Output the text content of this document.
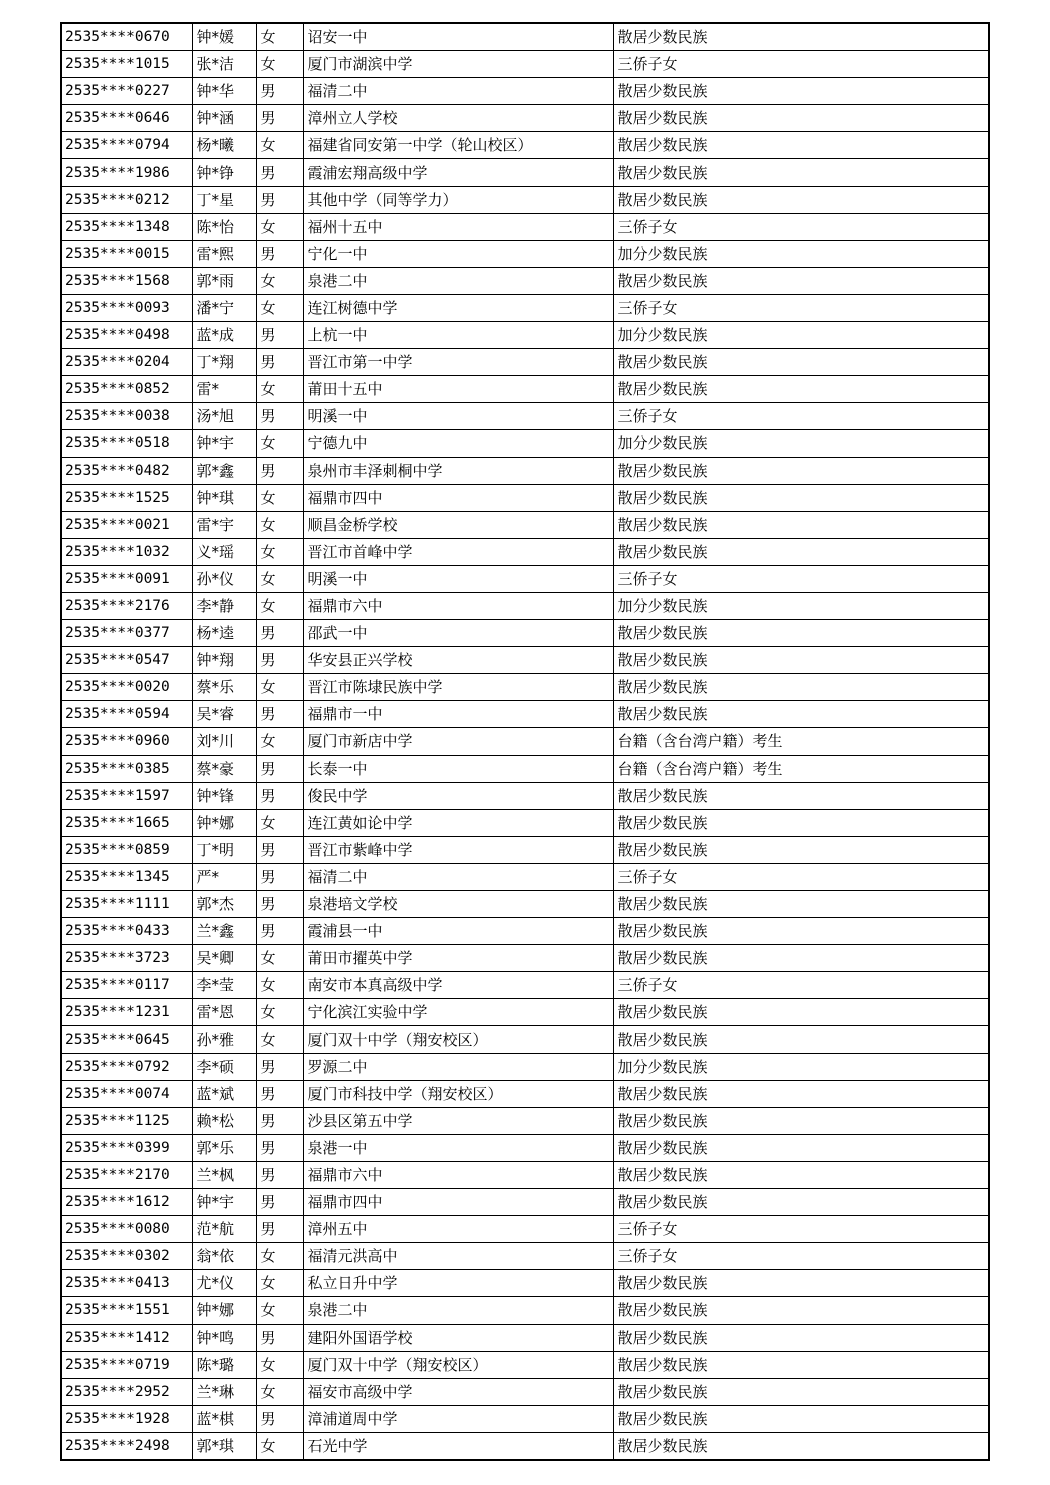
2535****0670	钟*媛	女	诏安一中	散居少数民族
2535****1015	张*洁	女	厦门市湖滨中学	三侨子女
2535****0227	钟*华	男	福清二中	散居少数民族
2535****0646	钟*涵	男	漳州立人学校	散居少数民族
2535****0794	杨*曦	女	福建省同安第一中学（轮山校区）	散居少数民族
2535****1986	钟*铮	男	霞浦宏翔高级中学	散居少数民族
2535****0212	丁*星	男	其他中学（同等学力）	散居少数民族
2535****1348	陈*怡	女	福州十五中	三侨子女
2535****0015	雷*熙	男	宁化一中	加分少数民族
2535****1568	郭*雨	女	泉港二中	散居少数民族
2535****0093	潘*宁	女	连江树德中学	三侨子女
2535****0498	蓝*成	男	上杭一中	加分少数民族
2535****0204	丁*翔	男	晋江市第一中学	散居少数民族
2535****0852	雷*	女	莆田十五中	散居少数民族
2535****0038	汤*旭	男	明溪一中	三侨子女
2535****0518	钟*宇	女	宁德九中	加分少数民族
2535****0482	郭*鑫	男	泉州市丰泽刺桐中学	散居少数民族
2535****1525	钟*琪	女	福鼎市四中	散居少数民族
2535****0021	雷*宇	女	顺昌金桥学校	散居少数民族
2535****1032	义*瑶	女	晋江市首峰中学	散居少数民族
2535****0091	孙*仪	女	明溪一中	三侨子女
2535****2176	李*静	女	福鼎市六中	加分少数民族
2535****0377	杨*逵	男	邵武一中	散居少数民族
2535****0547	钟*翔	男	华安县正兴学校	散居少数民族
2535****0020	蔡*乐	女	晋江市陈埭民族中学	散居少数民族
2535****0594	吴*睿	男	福鼎市一中	散居少数民族
2535****0960	刘*川	女	厦门市新店中学	台籍（含台湾户籍）考生
2535****0385	蔡*豪	男	长泰一中	台籍（含台湾户籍）考生
2535****1597	钟*锋	男	俊民中学	散居少数民族
2535****1665	钟*娜	女	连江黄如论中学	散居少数民族
2535****0859	丁*明	男	晋江市紫峰中学	散居少数民族
2535****1345	严*	男	福清二中	三侨子女
2535****1111	郭*杰	男	泉港培文学校	散居少数民族
2535****0433	兰*鑫	男	霞浦县一中	散居少数民族
2535****3723	吴*卿	女	莆田市擢英中学	散居少数民族
2535****0117	李*莹	女	南安市本真高级中学	三侨子女
2535****1231	雷*恩	女	宁化滨江实验中学	散居少数民族
2535****0645	孙*雅	女	厦门双十中学（翔安校区）	散居少数民族
2535****0792	李*硕	男	罗源二中	加分少数民族
2535****0074	蓝*斌	男	厦门市科技中学（翔安校区）	散居少数民族
2535****1125	赖*松	男	沙县区第五中学	散居少数民族
2535****0399	郭*乐	男	泉港一中	散居少数民族
2535****2170	兰*枫	男	福鼎市六中	散居少数民族
2535****1612	钟*宇	男	福鼎市四中	散居少数民族
2535****0080	范*航	男	漳州五中	三侨子女
2535****0302	翁*依	女	福清元洪高中	三侨子女
2535****0413	尤*仪	女	私立日升中学	散居少数民族
2535****1551	钟*娜	女	泉港二中	散居少数民族
2535****1412	钟*鸣	男	建阳外国语学校	散居少数民族
2535****0719	陈*璐	女	厦门双十中学（翔安校区）	散居少数民族
2535****2952	兰*琳	女	福安市高级中学	散居少数民族
2535****1928	蓝*棋	男	漳浦道周中学	散居少数民族
2535****2498	郭*琪	女	石光中学	散居少数民族
